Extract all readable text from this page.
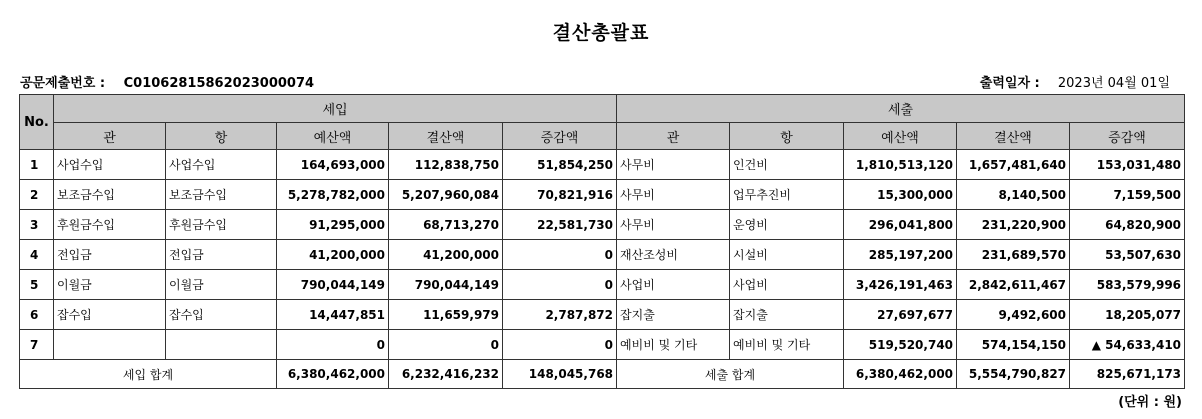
결산총괄표
공문제출번호 : C01062815862023000074	출력일자 : 2023년 04월 01일
No.	세입					세출				
	관	항	예산액	결산액	증감액	관	항	예산액	결산액	증감액
1	사업수입	사업수입	164,693,000	112,838,750	51,854,250	사무비	인건비	1,810,513,120	1,657,481,640	153,031,480
2	보조금수입	보조금수입	5,278,782,000	5,207,960,084	70,821,916	사무비	업무추진비	15,300,000	8,140,500	7,159,500
3	후원금수입	후원금수입	91,295,000	68,713,270	22,581,730	사무비	운영비	296,041,800	231,220,900	64,820,900
4	전입금	전입금	41,200,000	41,200,000	0	재산조성비	시설비	285,197,200	231,689,570	53,507,630
5	이월금	이월금	790,044,149	790,044,149	0	사업비	사업비	3,426,191,463	2,842,611,467	583,579,996
6	잡수입	잡수입	14,447,851	11,659,979	2,787,872	잡지출	잡지출	27,697,677	9,492,600	18,205,077
7			0	0	0	예비비 및 기타	예비비 및 기타	519,520,740	574,154,150	▲ 54,633,410
세입 합계			6,380,462,000	6,232,416,232	148,045,768	세출 합계		6,380,462,000	5,554,790,827	825,671,173
(단위 : 원)
